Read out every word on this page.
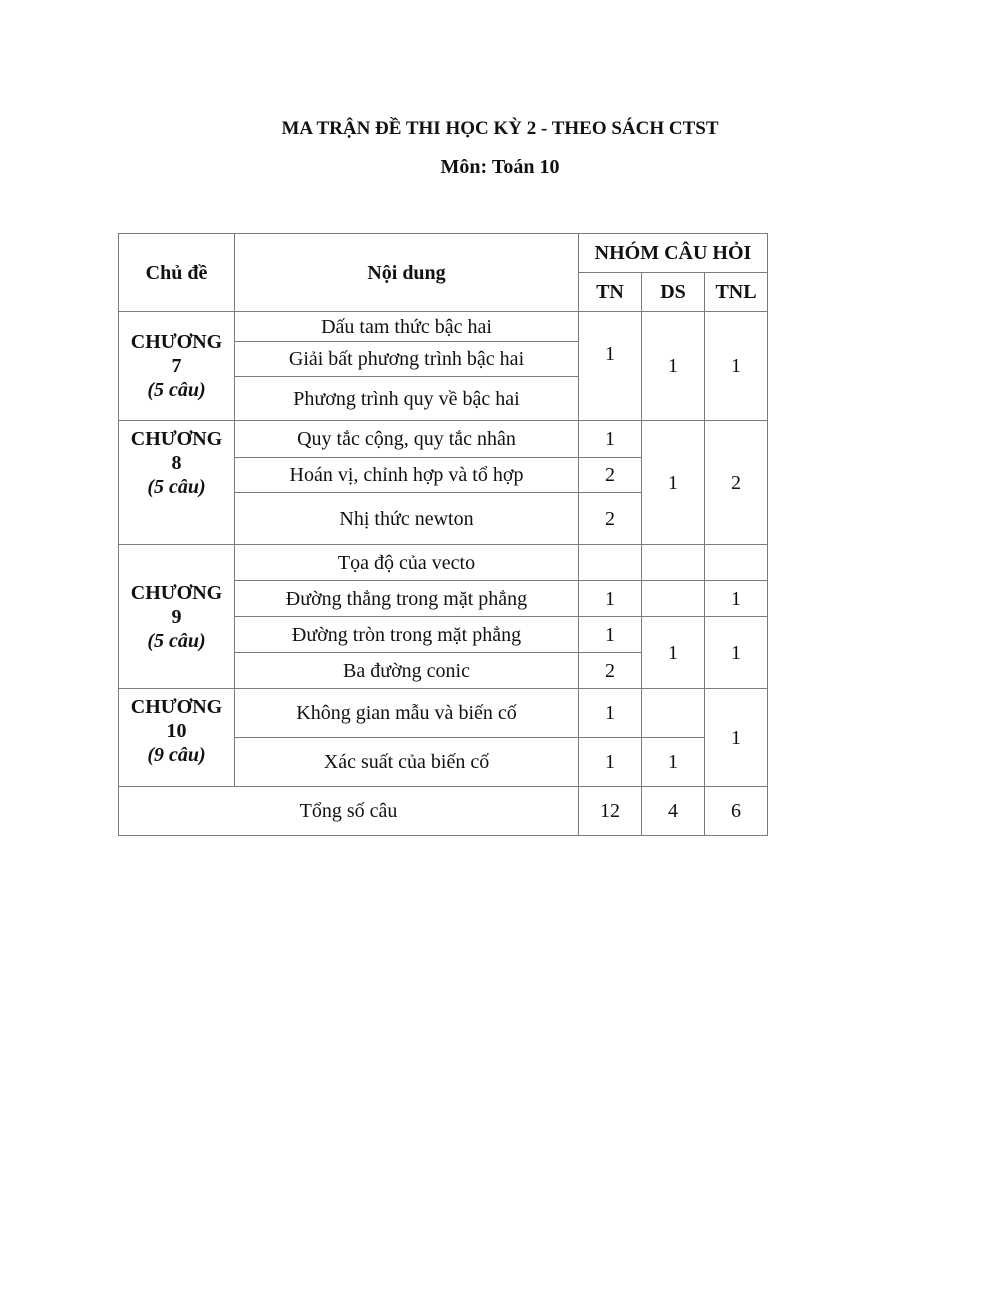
MA TRẬN ĐỀ THI HỌC KỲ 2 - THEO SÁCH CTST

Môn: Toán 10

Chủ đề	Nội dung	NHÓM CÂU HỎI		
		TN	DS	TNL

CHƯƠNG
7
(5 câu)	Dấu tam thức bậc hai	1	1	1
	Giải bất phương trình bậc hai			
	Phương trình quy về bậc hai			

CHƯƠNG
8
(5 câu)	Quy tắc cộng, quy tắc nhân	1	1	2
	Hoán vị, chỉnh hợp và tổ hợp	2		
	Nhị thức newton	2		

CHƯƠNG
9
(5 câu)	Tọa độ của vecto			
	Đường thẳng trong mặt phẳng	1		1
	Đường tròn trong mặt phẳng	1	1	1
	Ba đường conic	2		

CHƯƠNG
10
(9 câu)	Không gian mẫu và biến cố	1		1
	Xác suất của biến cố	1	1	
Tổng số câu		12	4	6
